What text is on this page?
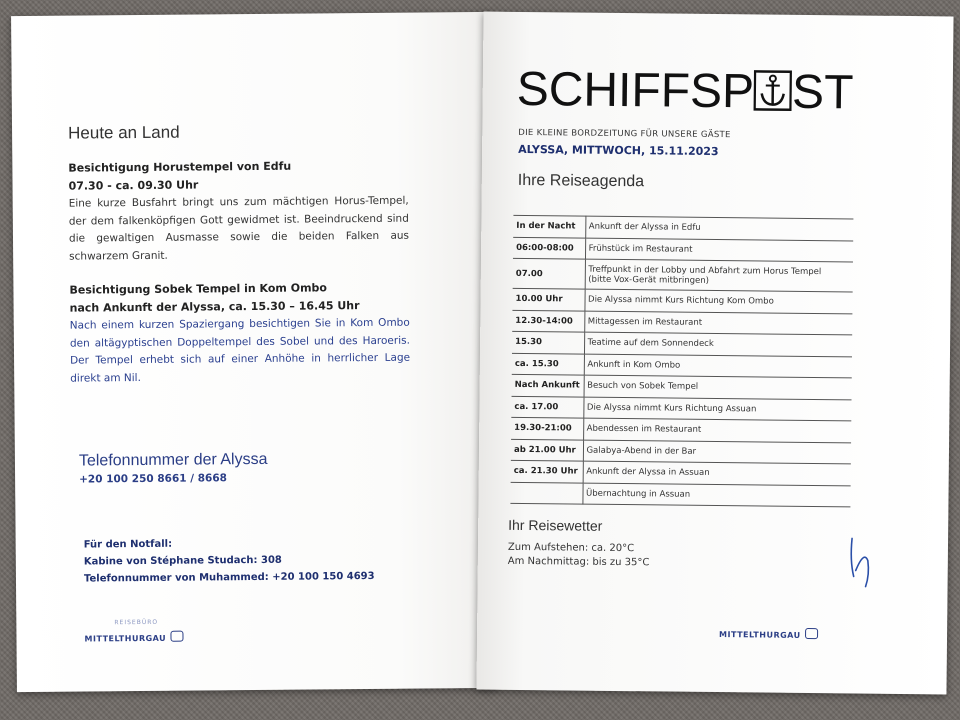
Heute an Land
Besichtigung Horustempel von Edfu
07.30 - ca. 09.30 Uhr
Eine kurze Busfahrt bringt uns zum mächtigen Horus-Tempel, der dem falkenköpfigen Gott gewidmet ist. Beeindruckend sind die gewaltigen Ausmasse sowie die beiden Falken aus schwarzem Granit.
Besichtigung Sobek Tempel in Kom Ombo
nach Ankunft der Alyssa, ca. 15.30 – 16.45 Uhr
Nach einem kurzen Spaziergang besichtigen Sie in Kom Ombo den altägyptischen Doppeltempel des Sobel und des Haroeris. Der Tempel erhebt sich auf einer Anhöhe in herrlicher Lage direkt am Nil.
Telefonnummer der Alyssa
+20 100 250 8661 / 8668
Für den Notfall:
Kabine von Stéphane Studach: 308
Telefonnummer von Muhammed: +20 100 150 4693
REISEBÜRO
MITTELTHURGAU
SCHIFFSP ST
DIE KLEINE BORDZEITUNG FÜR UNSERE GÄSTE
ALYSSA, MITTWOCH, 15.11.2023
Ihre Reiseagenda
In der Nacht	Ankunft der Alyssa in Edfu
06:00-08:00	Frühstück im Restaurant
07.00	Treffpunkt in der Lobby und Abfahrt zum Horus Tempel
(bitte Vox-Gerät mitbringen)

10.00 Uhr	Die Alyssa nimmt Kurs Richtung Kom Ombo
12.30-14:00	Mittagessen im Restaurant
15.30	Teatime auf dem Sonnendeck
ca. 15.30	Ankunft in Kom Ombo
Nach Ankunft	Besuch von Sobek Tempel
ca. 17.00	Die Alyssa nimmt Kurs Richtung Assuan
19.30-21:00	Abendessen im Restaurant
ab 21.00 Uhr	Galabya-Abend in der Bar
ca. 21.30 Uhr	Ankunft der Alyssa in Assuan
	Übernachtung in Assuan
Ihr Reisewetter
Zum Aufstehen: ca. 20°C
Am Nachmittag: bis zu 35°C
MITTELTHURGAU
